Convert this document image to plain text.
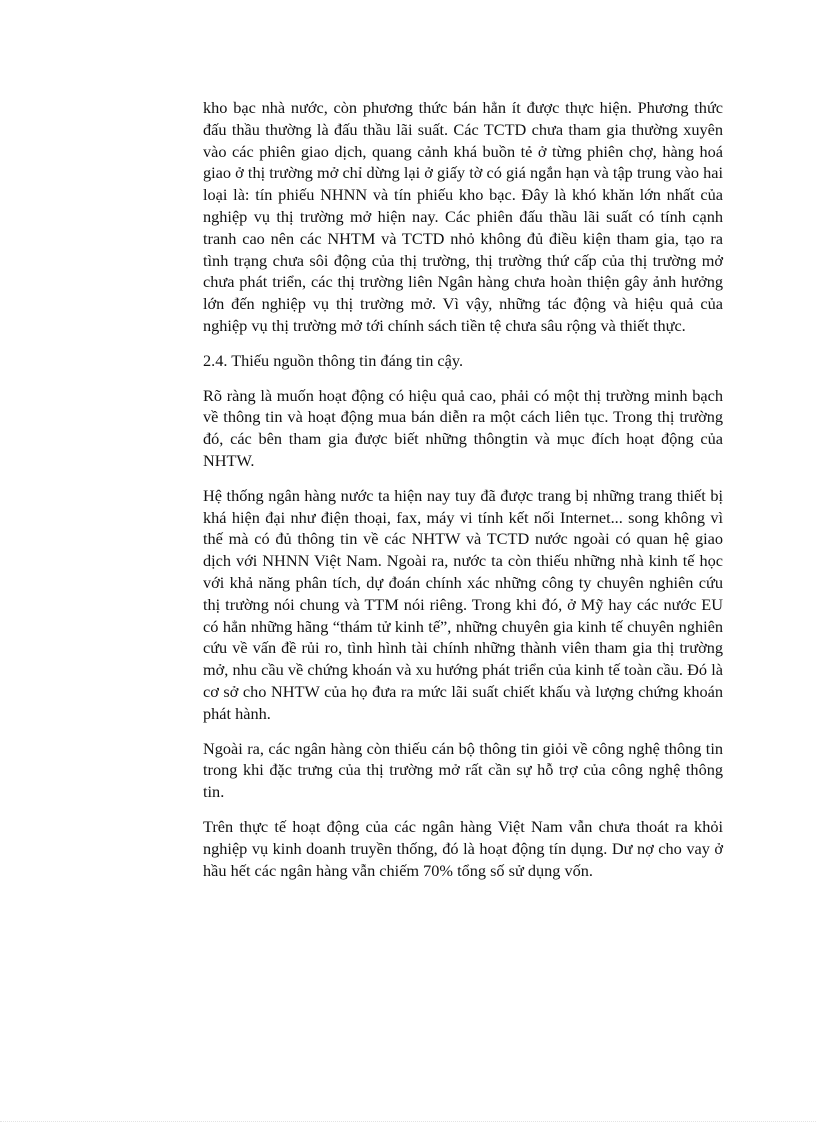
kho bạc nhà nước, còn phương thức bán hẳn ít được thực hiện. Phương thức đấu thầu thường là đấu thầu lãi suất. Các TCTD chưa tham gia thường xuyên vào các phiên giao dịch, quang cảnh khá buồn tẻ ở từng phiên chợ, hàng hoá giao ở thị trường mở chỉ dừng lại ở giấy tờ có giá ngắn hạn và tập trung vào hai loại là: tín phiếu NHNN và tín phiếu kho bạc. Đây là khó khăn lớn nhất của nghiệp vụ thị trường mở hiện nay. Các phiên đấu thầu lãi suất có tính cạnh tranh cao nên các NHTM và TCTD nhỏ không đủ điều kiện tham gia, tạo ra tình trạng chưa sôi động của thị trường, thị trường thứ cấp của thị trường mở chưa phát triển, các thị trường liên Ngân hàng chưa hoàn thiện gây ảnh hưởng lớn đến nghiệp vụ thị trường mở. Vì vậy, những tác động và hiệu quả của nghiệp vụ thị trường mở tới chính sách tiền tệ chưa sâu rộng và thiết thực.

2.4. Thiếu nguồn thông tin đáng tin cậy.

Rõ ràng là muốn hoạt động có hiệu quả cao, phải có một thị trường minh bạch về thông tin và hoạt động mua bán diễn ra một cách liên tục. Trong thị trường đó, các bên tham gia được biết những thôngtin và mục đích hoạt động của NHTW.

Hệ thống ngân hàng nước ta hiện nay tuy đã được trang bị những trang thiết bị khá hiện đại như điện thoại, fax, máy vi tính kết nối Internet... song không vì thế mà có đủ thông tin về các NHTW và TCTD nước ngoài có quan hệ giao dịch với NHNN Việt Nam. Ngoài ra, nước ta còn thiếu những nhà kinh tế học với khả năng phân tích, dự đoán chính xác những công ty chuyên nghiên cứu thị trường nói chung và TTM nói riêng. Trong khi đó, ở Mỹ hay các nước EU có hẳn những hãng “thám tử kinh tế”, những chuyên gia kinh tế chuyên nghiên cứu về vấn đề rủi ro, tình hình tài chính những thành viên tham gia thị trường mở, nhu cầu về chứng khoán và xu hướng phát triển của kinh tế toàn cầu. Đó là cơ sở cho NHTW của họ đưa ra mức lãi suất chiết khấu và lượng chứng khoán phát hành.

Ngoài ra, các ngân hàng còn thiếu cán bộ thông tin giỏi về công nghệ thông tin trong khi đặc trưng của thị trường mở rất cần sự hỗ trợ của công nghệ thông tin.

Trên thực tế hoạt động của các ngân hàng Việt Nam vẫn chưa thoát ra khỏi nghiệp vụ kinh doanh truyền thống, đó là hoạt động tín dụng. Dư nợ cho vay ở hầu hết các ngân hàng vẫn chiếm 70% tổng số sử dụng vốn.
